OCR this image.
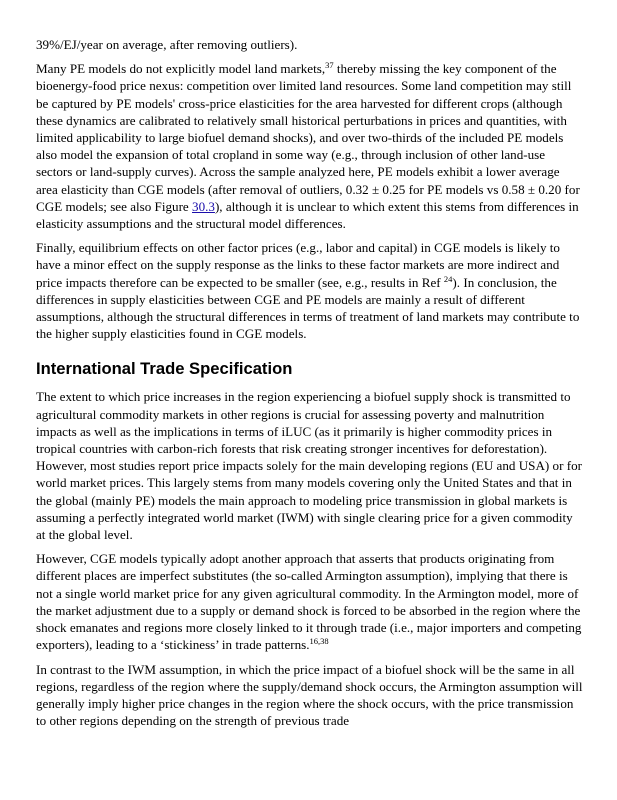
39%/EJ/year on average, after removing outliers).

Many PE models do not explicitly model land markets,$^{37}$ thereby missing the key component of the bioenergy-food price nexus: competition over limited land resources. Some land competition may still be captured by PE models' cross-price elasticities for the area harvested for different crops (although these dynamics are calibrated to relatively small historical perturbations in prices and quantities, with limited applicability to large biofuel demand shocks), and over two-thirds of the included PE models also model the expansion of total cropland in some way (e.g., through inclusion of other land-use sectors or land-supply curves). Across the sample analyzed here, PE models exhibit a lower average area elasticity than CGE models (after removal of outliers, 0.32 ± 0.25 for PE models vs 0.58 ± 0.20 for CGE models; see also Figure 30.3), although it is unclear to which extent this stems from differences in elasticity assumptions and the structural model differences.

Finally, equilibrium effects on other factor prices (e.g., labor and capital) in CGE models is likely to have a minor effect on the supply response as the links to these factor markets are more indirect and price impacts therefore can be expected to be smaller (see, e.g., results in Ref $^{24}$). In conclusion, the differences in supply elasticities between CGE and PE models are mainly a result of different assumptions, although the structural differences in terms of treatment of land markets may contribute to the higher supply elasticities found in CGE models.

International Trade Specification

The extent to which price increases in the region experiencing a biofuel supply shock is transmitted to agricultural commodity markets in other regions is crucial for assessing poverty and malnutrition impacts as well as the implications in terms of iLUC (as it primarily is higher commodity prices in tropical countries with carbon-rich forests that risk creating stronger incentives for deforestation). However, most studies report price impacts solely for the main developing regions (EU and USA) or for world market prices. This largely stems from many models covering only the United States and that in the global (mainly PE) models the main approach to modeling price transmission in global markets is assuming a perfectly integrated world market (IWM) with single clearing price for a given commodity at the global level.

However, CGE models typically adopt another approach that asserts that products originating from different places are imperfect substitutes (the so-called Armington assumption), implying that there is not a single world market price for any given agricultural commodity. In the Armington model, more of the market adjustment due to a supply or demand shock is forced to be absorbed in the region where the shock emanates and regions more closely linked to it through trade (i.e., major importers and competing exporters), leading to a ‘stickiness’ in trade patterns.$^{16,38}$

In contrast to the IWM assumption, in which the price impact of a biofuel shock will be the same in all regions, regardless of the region where the supply/demand shock occurs, the Armington assumption will generally imply higher price changes in the region where the shock occurs, with the price transmission to other regions depending on the strength of previous trade
